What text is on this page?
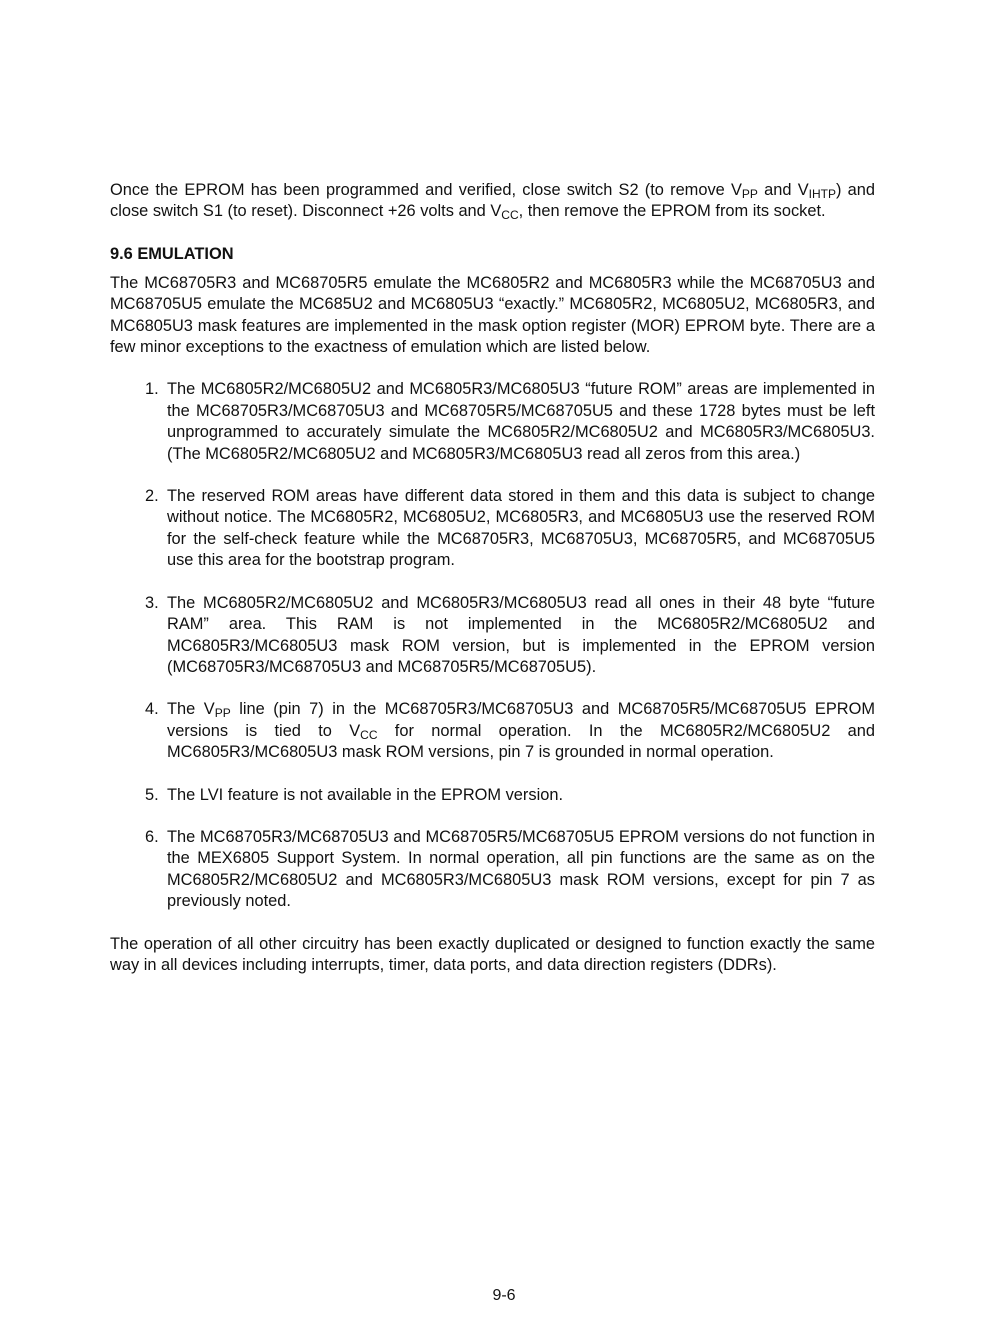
Once the EPROM has been programmed and verified, close switch S2 (to remove $V_{PP}$ and $V_{IHTP}$) and close switch S1 (to reset). Disconnect +26 volts and $V_{CC}$, then remove the EPROM from its socket.

9.6 EMULATION

The MC68705R3 and MC68705R5 emulate the MC6805R2 and MC6805R3 while the MC68705U3 and MC68705U5 emulate the MC685U2 and MC6805U3 “exactly.” MC6805R2, MC6805U2, MC6805R3, and MC6805U3 mask features are implemented in the mask option register (MOR) EPROM byte. There are a few minor exceptions to the exactness of emulation which are listed below.

1. The MC6805R2/MC6805U2 and MC6805R3/MC6805U3 “future ROM” areas are implemented in the MC68705R3/MC68705U3 and MC68705R5/MC68705U5 and these 1728 bytes must be left unprogrammed to accurately simulate the MC6805R2/MC6805U2 and MC6805R3/MC6805U3. (The MC6805R2/MC6805U2 and MC6805R3/MC6805U3 read all zeros from this area.)

2. The reserved ROM areas have different data stored in them and this data is subject to change without notice. The MC6805R2, MC6805U2, MC6805R3, and MC6805U3 use the reserved ROM for the self-check feature while the MC68705R3, MC68705U3, MC68705R5, and MC68705U5 use this area for the bootstrap program.

3. The MC6805R2/MC6805U2 and MC6805R3/MC6805U3 read all ones in their 48 byte “future RAM” area. This RAM is not implemented in the MC6805R2/MC6805U2 and MC6805R3/MC6805U3 mask ROM version, but is implemented in the EPROM version (MC68705R3/MC68705U3 and MC68705R5/MC68705U5).

4. The $V_{PP}$ line (pin 7) in the MC68705R3/MC68705U3 and MC68705R5/MC68705U5 EPROM versions is tied to $V_{CC}$ for normal operation. In the MC6805R2/MC6805U2 and MC6805R3/MC6805U3 mask ROM versions, pin 7 is grounded in normal operation.

5. The LVI feature is not available in the EPROM version.

6. The MC68705R3/MC68705U3 and MC68705R5/MC68705U5 EPROM versions do not function in the MEX6805 Support System. In normal operation, all pin functions are the same as on the MC6805R2/MC6805U2 and MC6805R3/MC6805U3 mask ROM versions, except for pin 7 as previously noted.

The operation of all other circuitry has been exactly duplicated or designed to function exactly the same way in all devices including interrupts, timer, data ports, and data direction registers (DDRs).

9-6
